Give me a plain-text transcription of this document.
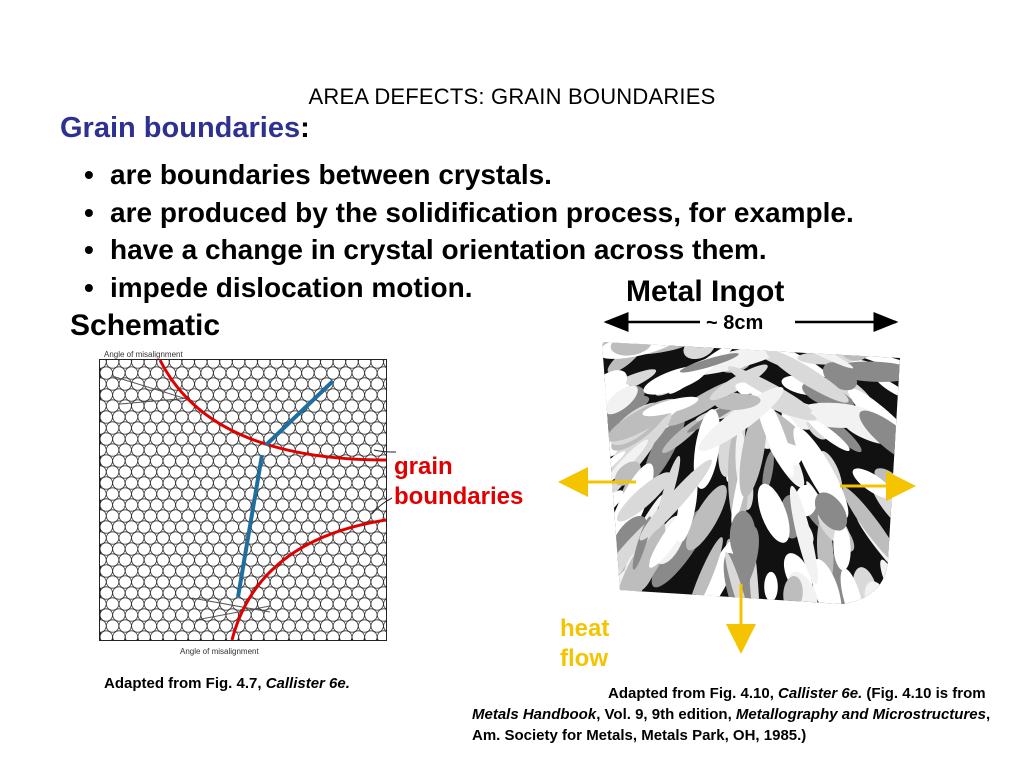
AREA DEFECTS: GRAIN BOUNDARIES
Grain boundaries:
• are boundaries between crystals.
• are produced by the solidification process, for example.
• have a change in crystal orientation across them.
• impede dislocation motion.	Metal Ingot
Schematic	~ 8cm
Angle of misalignment
Angle of misalignment
grain
boundaries
heat
flow
Adapted from Fig. 4.7, Callister 6e.
Adapted from Fig. 4.10, Callister 6e. (Fig. 4.10 is from Metals Handbook, Vol. 9, 9th edition, Metallography and Microstructures, Am. Society for Metals, Metals Park, OH, 1985.)
